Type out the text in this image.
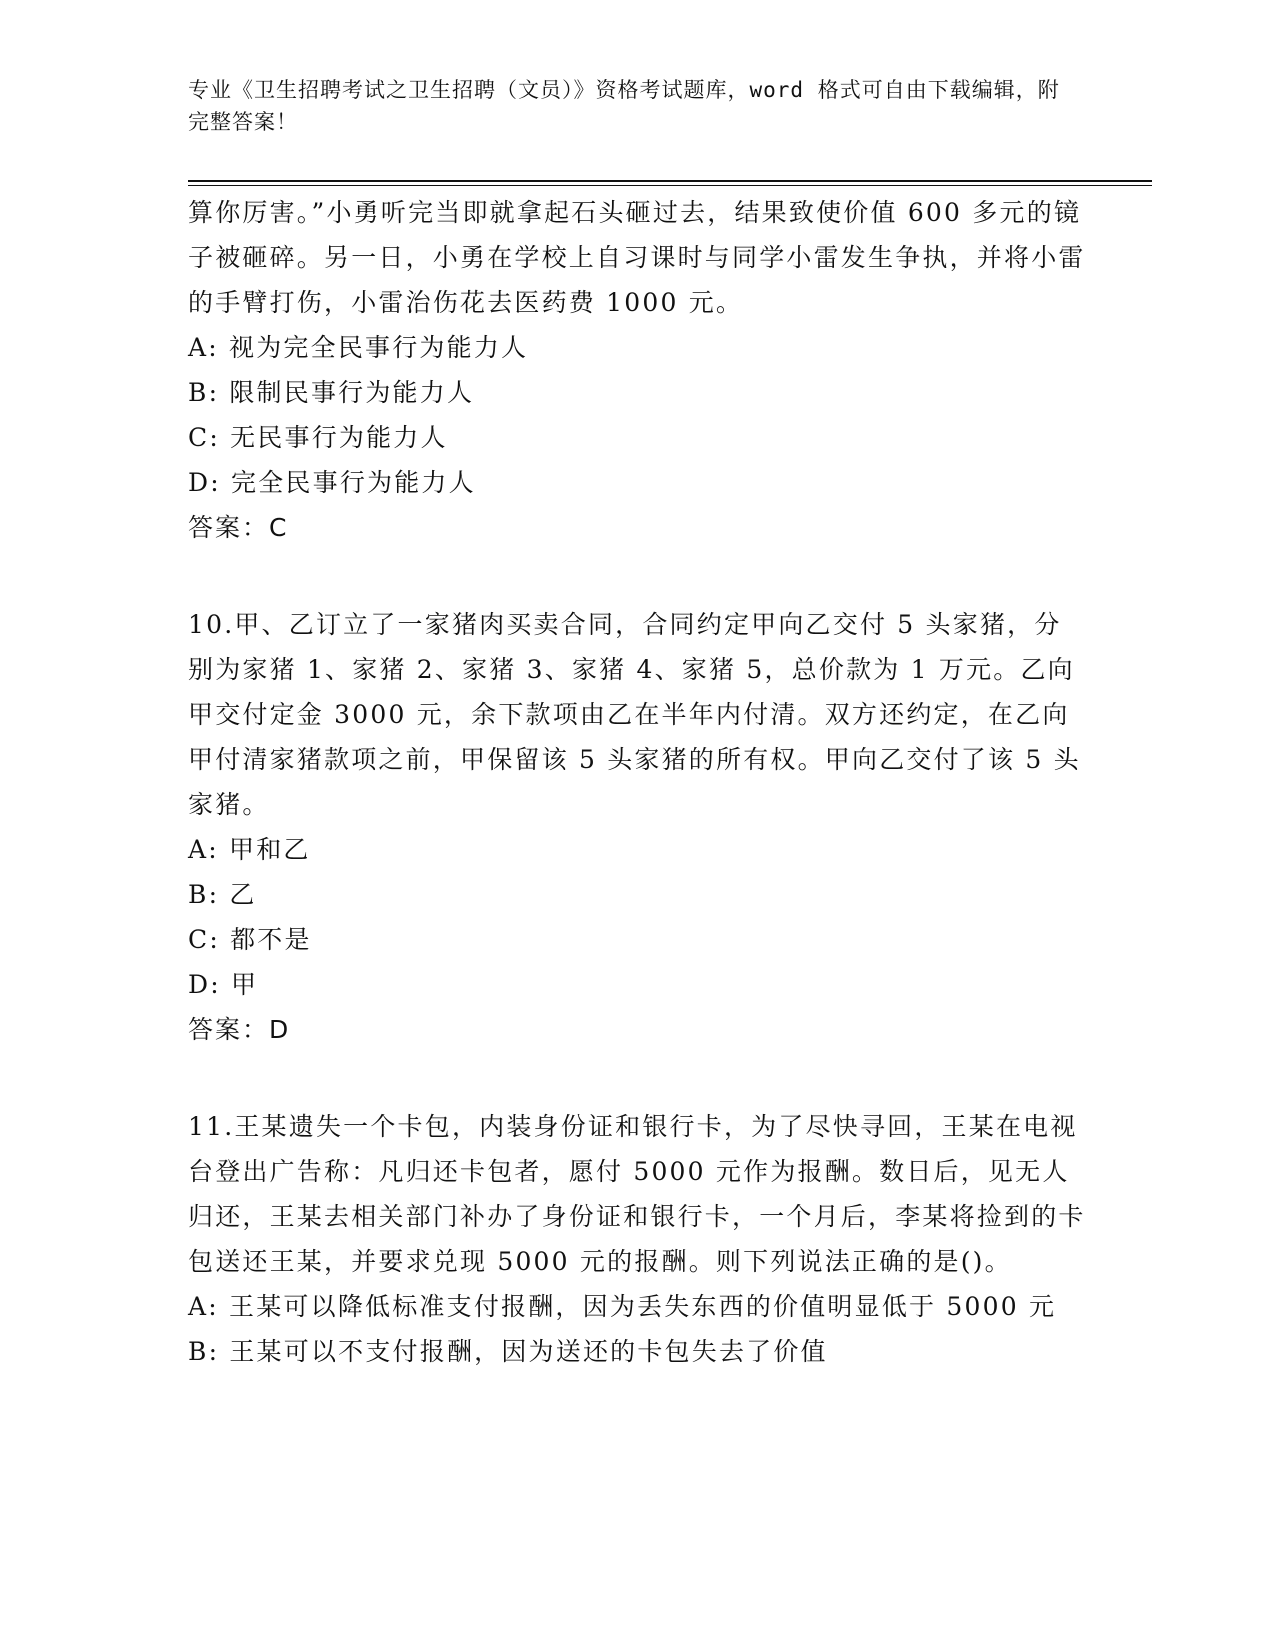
专业《卫生招聘考试之卫生招聘（文员）》资格考试题库，word 格式可自由下载编辑，附完整答案！

算你厉害。”小勇听完当即就拿起石头砸过去，结果致使价值 600 多元的镜子被砸碎。另一日，小勇在学校上自习课时与同学小雷发生争执，并将小雷的手臂打伤，小雷治伤花去医药费 1000 元。

A: 视为完全民事行为能力人

B: 限制民事行为能力人

C: 无民事行为能力人

D: 完全民事行为能力人

答案：C

10.甲、乙订立了一家猪肉买卖合同，合同约定甲向乙交付 5 头家猪，分别为家猪 1、家猪 2、家猪 3、家猪 4、家猪 5，总价款为 1 万元。乙向甲交付定金 3000 元，余下款项由乙在半年内付清。双方还约定，在乙向甲付清家猪款项之前，甲保留该 5 头家猪的所有权。甲向乙交付了该 5 头家猪。

A: 甲和乙

B: 乙

C: 都不是

D: 甲

答案：D

11.王某遗失一个卡包，内装身份证和银行卡，为了尽快寻回，王某在电视台登出广告称：凡归还卡包者，愿付 5000 元作为报酬。数日后，见无人归还，王某去相关部门补办了身份证和银行卡，一个月后，李某将捡到的卡包送还王某，并要求兑现 5000 元的报酬。则下列说法正确的是()。

A: 王某可以降低标准支付报酬，因为丢失东西的价值明显低于 5000 元

B: 王某可以不支付报酬，因为送还的卡包失去了价值
